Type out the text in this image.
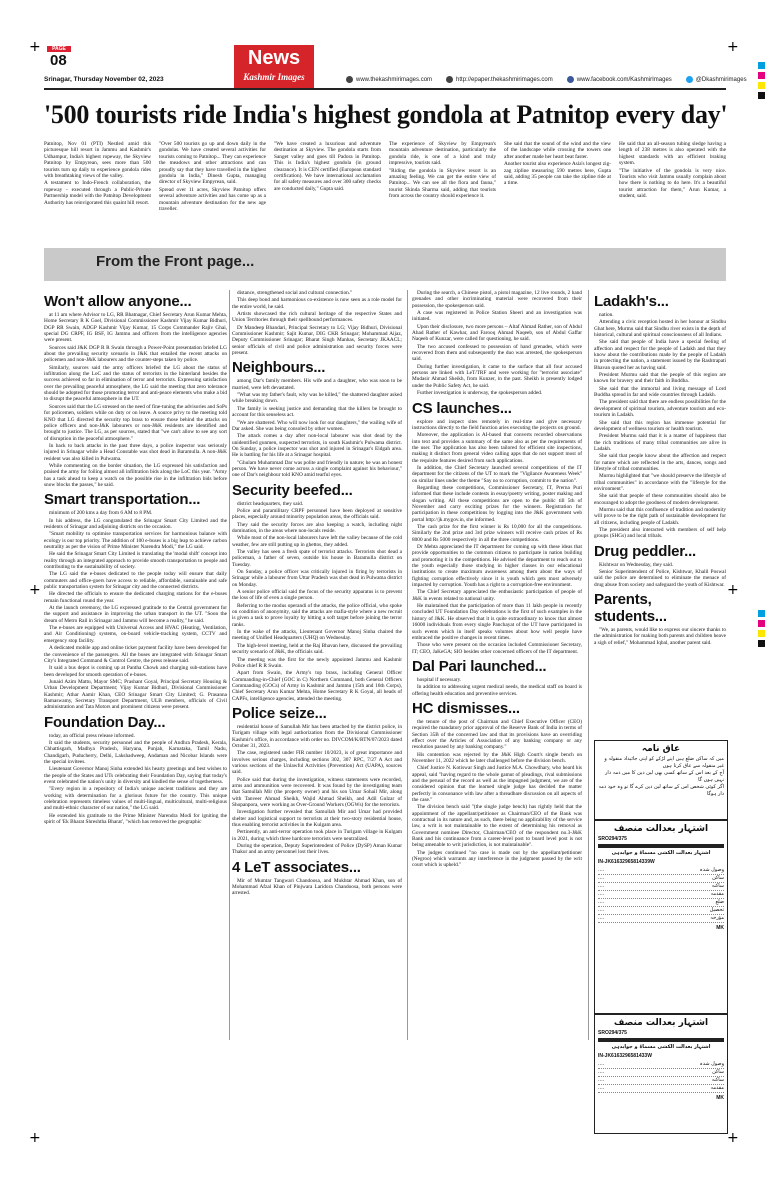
+	+
+	+
+	+
PAGE
08	News
Kashmir Images
Srinagar, Thursday November 02, 2023	www.thekashmirimages.com	http://epaper.thekashmirimages.com	www.facebook.com/KashmirImages	@Dkashmirimages
'500 tourists ride India's highest gondola at Patnitop every day'

Patnitop, Nov 01 (PTI) Nestled amid this picturesque hill resort in Jammu and Kashmir's Udhampur, India's highest ropeway, the Skyview Patnitop by Empyrean, sees more than 500 tourists turn up daily to experience gondola rides with breathtaking views of the valley.

A testament to Indo-French collaboration, the ropeway - executed through a Public-Private Partnership model with the Patnitop Development Authority has reinvigorated this quaint hill resort.

"Over 500 tourists go up and down daily in the gondolas. We have created several activities for tourists coming to Patnitop... They can experience the meadows and other attractions and can proudly say that they have travelled in the highest gondola in India," Dinesh Gupta, managing director of Skyview Empyrean, said.

Spread over 11 acres, Skyview Patnitop offers several adventure activities and has come up as a mountain adventure destination for the new age traveller.

"We have created a luxurious and adventure destination at Skyview. The gondola starts from Sanget valley and goes till Padora in Patnitop. This is India's highest gondola (in ground clearance). It is CEN certified (European standard certification). We have international acclamation for all safety measures and over 300 safety checks are conducted daily," Gupta said.

The experience of Skyview by Empyrean's mountain adventure destination, particularly the gondola ride, is one of a kind and truly impressive, tourists said.

"Riding the gondola in Skyview resort is an amazing feeling. We can get the entire view of Patnitop... We can see all the flora and fauna," tourist Skinda Sharma said, adding that tourists from across the country should experience it.

She said that the sound of the wind and the view of the landscape while crossing the towers one after another made her heart beat faster.

Another tourist also experience Asia's longest zig-zag zipline measuring 590 metres here, Gupta said, adding 35 people can take the zipline ride at a time.

He said that an all-season tubing sledge having a length of 238 metres is also operated with the highest standards with an efficient braking system.

"The initiative of the gondola is very nice. Tourists who visit Jammu usually complain about how there is nothing to do here. It's a beautiful tourist attraction for them," Arun Kumar, a student, said.

From the Front page...
Won't allow anyone...

at 11 am where Advisor to LG, RR Bhatnagar, Chief Secretary Arun Kumar Mehta, Home Secretary R K Goel, Divisional Commissioner Kashmir Vijay Kumar Bidhuri, DGP RR Swain, ADGP Kashmir Vijay Kumar, 15 Corps Commander Rajiv Ghai, special DG CRPF, IG BSF, IG Jammu and officers from the intelligence agencies were present.

Sources said J&K DGP R R Swain through a Power-Point presentation briefed LG about the prevailing security scenario in J&K that entailed the recent attacks on policemen and non-J&K labourers and the counter-steps taken by police.

Similarly, sources said the army officers briefed the LG about the status of infiltration along the LoC and the status of terrorists in the hinterland besides the success achieved so far in elimination of terror and terrorists. Expressing satisfaction over the prevailing peaceful atmosphere, the LG said the meeting that zero tolerance should be adopted for those promoting terror and anti-peace elements who make a bid to disrupt the peaceful atmosphere in the UT.

Sources said that the LG stressed on the need of fine-tuning the advisories and SoPs for policemen, soldiers while on duty or on leave. A source privy to the meeting told KNO that LG directed the security top brass to ensure those behind the attacks on police officers and non-J&K labourers or non-J&K residents are identified and brought to justice. The LG, as per sources, stated that "we can't allow to see any sort of disruption in the peaceful atmosphere."

In back to back attacks in the past three days, a police inspector was seriously injured in Srinagar while a Head Constable was shot dead in Baramulla. A non-J&K resident was also killed in Pulwama.

While commenting on the border situation, the LG expressed his satisfaction and praised the army for foiling almost all infiltration bids along the LoC this year. "Army has a task ahead to keep a watch on the possible rise in the infiltration bids before snow blocks the passes," he said.

Smart transportation...

minimum of 200 kms a day from 6 AM to 8 PM.

In his address, the LG congratulated the Srinagar Smart City Limited and the residents of Srinagar and adjoining districts on the occasion.

"Smart mobility to optimise transportation services for harmonious balance with ecology is our top priority. The addition of 100 e-buses is a big leap to achieve carbon neutrality as per the vision of Prime Minister Narendra Modi," the LG said.

He said the Srinagar Smart City Limited is translating the 'modal shift' concept into reality through an integrated approach to provide smooth transportation to people and contributing to the sustainability of society.

The LG said the e-buses dedicated to the people today will ensure that daily commuters and office-goers have access to reliable, affordable, sustainable and safe public transportation system for Srinagar city and the connected districts.

He directed the officials to ensure the dedicated charging stations for the e-buses remain functional round the year.

At the launch ceremony, the LG expressed gratitude to the Central government for the support and assistance in improving the urban transport in the UT. "Soon the dream of Metro Rail in Srinagar and Jammu will become a reality," he said.

The e-buses are equipped with Universal Access and HVAC (Heating, Ventilation, and Air Conditioning) systems, on-board vehicle-tracking system, CCTV and emergency stop facility.

A dedicated mobile app and online ticket payment facility have been developed for the convenience of the passengers. All the buses are integrated with Srinagar Smart City's Integrated Command & Control Centre, the press release said.

It said a bus depot is coming up at Pantha Chowk and charging sub-stations have been developed for smooth operation of e-buses.

Junaid Azim Mattu, Mayor SMC; Prashant Goyal, Principal Secretary Housing & Urban Development Department; Vijay Kumar Bidhuri, Divisional Commissioner Kashmir; Athar Aamir Khan, CEO Srinagar Smart City Limited; G. Prasanna Ramaswamy, Secretary Transport Department, ULB members, officials of Civil administration and Tata Motors and prominent citizens were present.

Foundation Day...

today, an official press release informed.

It said the students, security personnel and the people of Andhra Pradesh, Kerala, Chhattisgarh, Madhya Pradesh, Haryana, Punjab, Karnataka, Tamil Nadu, Chandigarh, Puducherry, Delhi, Lakshadweep, Andaman and Nicobar Islands were the special invitees.

Lieutenant Governor Manoj Sinha extended his hearty greetings and best wishes to the people of the States and UTs celebrating their Foundation Day, saying that today's event celebrated the nation's unity in diversity and kindled the sense of togetherness.

"Every region in a repository of India's unique ancient traditions and they are working with determination for a glorious future for the country. This unique celebration represents timeless values of multi-lingual, multicultural, multi-religious and multi-ethnic character of our nation," the LG said.

He extended his gratitude to the Prime Minister Narendra Modi for igniting the spirit of 'Ek Bharat Shreshtha Bharat', "which has removed the geographic

distance, strengthened social and cultural connection."

This deep bond and harmonious co-existence is now seen as a role model for the entire world, he said.

Artists showcased the rich cultural heritage of the respective States and Union Territories through their spellbound performances.

Dr Mandeep Bhandari, Principal Secretary to LG; Vijay Bidhuri, Divisional Commissioner Kashmir; Sajit Kumar, DIG CKR Srinagar; Mohammad Aijaz, Deputy Commissioner Srinagar; Bharat Singh Manhas, Secretary JKAACL; senior officials of civil and police administration and security forces were present.

Neighbours...

among Dar's family members. His wife and a daughter, who was soon to be married, were left devastated.

"What was my father's fault, why was he killed," the shattered daughter asked while breaking down.

The family is seeking justice and demanding that the killers be brought to account for this senseless act.

"We are shattered. Who will now look for our daughters," the wailing wife of Dar asked. She was being consoled by other women.

The attack comes a day after non-local labourer was shot dead by the unidentified gunmen, suspected terrorists, in south Kashmir's Pulwama district. On Sunday, a police inspector was shot and injured in Srinagar's Eidgah area. He is battling for his life at a Srinagar hospital.

"Ghulam Muhammad Dar was polite and friendly in nature; he was an honest person. We have never come across a single complaint against his behaviour," one of Dar's neighbour told KNO amid tearful eyes.

Security beefed...

district headquarters, they said.

Police and paramilitary CRPF personnel have been deployed at sensitive places, especially around minority population areas, the officials said.

They said the security forces are also keeping a watch, including night domination, in the areas where non-locals reside.

While most of the non-local labourers have left the valley because of the cold weather, few are still putting up in ghettos, they added.

The valley has seen a fresh spate of terrorist attacks. Terrorists shot dead a policeman, a father of seven, outside his house in Baramulla district on Tuesday.

On Sunday, a police officer was critically injured in firing by terrorists in Srinagar while a labourer from Uttar Pradesh was shot dead in Pulwama district on Monday.

A senior police official said the focus of the security apparatus is to prevent the loss of life of even a single person.

Referring to the modus operandi of the attacks, the police official, who spoke on condition of anonymity, said the attacks are mafia-style where a new recruit is given a task to prove loyalty by hitting a soft target before joining the terror ranks.

In the wake of the attacks, Lieutenant Governor Manoj Sinha chaired the meeting of Unified Headquarters (UHQ) on Wednesday.

The high-level meeting, held at the Raj Bhavan here, discussed the prevailing security scenario of J&K, the officials said.

The meeting was the first for the newly appointed Jammu and Kashmir Police chief R R Swain.

Apart from Swain, the Army's top brass, including General Officer Commanding-in-Chief (GOC in C) Northern Command, both General Officers Commanding (GOCs) of Army in Kashmir and Jammu (15th and 16th Corps), Chief Secretary Arun Kumar Mehta, Home Secretary R K Goyal, all heads of CAPFs, intelligence agencies, attended the meeting.

Police seize...

residential house of Samullah Mir has been attached by the district police, in Turigam village with legal authorization from the Divisional Commissioner Kashmir's office, in accordance with order no. DIVCOM/K/RTN/07/2023 dated October 31, 2023.

The case, registered under FIR number 10/2023, is of great importance and involves serious charges, including sections 302, 307 RPC, 7/27 A Act and various sections of the Unlawful Activities (Prevention) Act (UAPA), sources said.

Police said that during the investigation, witness statements were recorded, arms and ammunition were recovered. It was found by the investigating team that Samullah Mir (the property owner) and his son Umar Sohail Mir, along with Tanveer Ahmad Sheikh, Wajid Ahmad Sheikh, and Adil Gulzar of Shopanpora, were working as Over-Ground Workers (OGWs) for the terrorists.

Investigation further revealed that Samullah Mir and Umar had provided shelter and logistical support to terrorists at their two-story residential house, thus enabling terrorist activities in the Kulgam area.

Pertinently, an anti-terror operation took place in Turigam village in Kulgam in 2021, during which three hardcore terrorists were neutralized.

During the operation, Deputy Superintendent of Police (DySP) Aman Kumar Thakur and an army personnel lost their lives.

4 LeT associates...

Mir of Mumtar Tangwari Chandoosa, and Mukhtar Ahmad Khan, son of Mohammad Afzal Khan of Pinjwara Laridora Chandoosa, both persons were arrested.

During the search, a Chinese pistol, a pistol magazine, 12 live rounds, 2 hand grenades and other incriminating material were recovered from their possession, the spokesperson said.

A case was registered in Police Station Sheeri and an investigation was initiated.

Upon their disclosure, two more persons – Altaf Ahmad Rather, son of Abdul Ahad Rather of Kawhar, and Farooq Ahmad Naqeeb, son of Abdul Gaffar Naqeeb of Kunzar, were called for questioning, he said.

The two accused confessed to possession of hand grenades, which were recovered from them and subsequently the duo was arrested, the spokesperson said.

During further investigation, it came to the surface that all four accused persons are linked with LeT/TRF and were working for "terrorist associate" Mudasir Ahmad Sheikh, from Kunzer, in the past. Sheikh is presently lodged under the Public Safety Act, he said.

Further investigation is underway, the spokesperson added.

CS launches...

explore and inspect sites remotely in real-time and give necessary instructions directly to the field function aries executing the projects on ground.

Moreover, the application is AI-based that converts recorded observations into text and provides a summary of the same also as per the requirements of the user. The application has also been tailored for efficient site inspections, making it distinct from general video calling apps that do not support most of the requisite features desired from such applications.

In addition, the Chief Secretary launched several competitions of the IT department for the citizens of the UT to mark the "Vigilance Awareness Week" on similar lines under the theme "Say no to corruption, commit to the nation".

Regarding these competitions, Commissioner Secretary, IT, Prerna Puri informed that these include contests in essay/poetry writing, poster making and slogan writing. All these competitions are open to the public till 5th of November and carry exciting prizes for the winners. Registration for participation in these competitions by logging into the J&K government web portal http://jk.mygov.in, she informed.

The cash prize for the first winner is Rs 10,000 for all the competitions. Similarly the 2nd prize and 3rd prize winners will receive cash prizes of Rs 8000 and Rs 5000 respectively in all the three competitions.

Dr Mehta appreciated the IT department for coming up with these ideas that provide opportunities to the common citizens to participate in nation building and promoting it in the competitions. He advised the department to reach out to the youth especially those studying in higher classes in our educational institutions to create maximum awareness among them about the ways of fighting corruption effectively since it is youth which gets most adversely impacted by corruption. Youth has a right to a corruption-free environment.

The Chief Secretary appreciated the enthusiastic participation of people of J&K in events related to national unity.

He maintained that the participation of more than 11 lakh people in recently concluded UT Foundation Day celebrations is the first of such examples in the history of J&K. He observed that it is quite extraordinary to know that almost 16000 individuals from every single Panchayat of the UT have participated in such events which in itself speaks volumes about how well people have embraced the positive changes in recent times.

Those who were present on the occasion included Commissioner Secretary, IT; CEO, JaKeGA; SIO besides other concerned officers of the IT department.

Dal Pari launched...

hospital if necessary.

In addition to addressing urgent medical needs, the medical staff on board is offering health education and preventive services.

HC dismisses...

the tenure of the post of Chairman and Chief Executive Officer (CEO) required the mandatory prior approval of the Reserve Bank of India in terms of Section 35B of the concerned law and that its provisions have an overriding effect over the Articles of Association of any banking company or any resolution passed by any banking company."

His contention was rejected by the J&K High Court's single bench on November 11, 2022 which he later challenged before the division bench.

Chief Justice N. Kotiswar Singh and Justice M.A. Chowdhary, who heard his appeal, said "having regard to the whole gamut of pleadings, rival submissions and the perusal of the record as well as the impugned judgment, we are of the considered opinion that the learned single judge has decided the matter perfectly in consonance with law after a threadbare discussion on all aspects of the case."

The division bench said "(the single judge bench) has rightly held that the appointment of the appellant/petitioner as Chairman/CEO of the Bank was contractual in its nature and, as such, there being no applicability of the service law, a writ is not maintainable to the extent of determining his removal as Government nominee Director, Chairman/CEO of the respondent no.3-J&K Bank and his continuance from a career-level post to board level post is not being amenable to writ jurisdiction, is not maintainable".

The judges continued "no case is made out by the appellant/petitioner (Negroo) which warrants any interference in the judgment passed by the writ court which is upheld."

Ladakh's...

nation.

Attending a civic reception hosted in her honour at Sindhu Ghat here, Murmu said that Sindhu river exists in the depth of historical, cultural and spiritual consciousness of all Indians.

She said that people of India have a special feeling of affection and respect for the people of Ladakh and that they know about the contributions made by the people of Ladakh in protecting the nation, a statement issued by the Rashtrapati Bhavan quoted her as having said.

President Murmu said that the people of this region are known for bravery and their faith in Buddha.

She said that the immortal and living message of Lord Buddha spread in far and wide countries through Ladakh.

The president said that there are endless possibilities for the development of spiritual tourism, adventure tourism and eco-tourism in Ladakh.

She said that this region has immense potential for development of wellness tourism or health tourism.

President Murmu said that it is a matter of happiness that the rich traditions of many tribal communities are alive in Ladakh.

She said that people know about the affection and respect for nature which are reflected in the arts, dances, songs and lifestyle of tribal communities.

Murmu highlighted that "we should preserve the lifestyle of tribal communities" in accordance with the "lifestyle for the environment".

She said that people of these communities should also be encouraged to adopt the goodness of modern development.

Murmu said that this confluence of tradition and modernity will prove to be the right path of sustainable development for all citizens, including people of Ladakh.

The president also interacted with members of self help groups (SHGs) and local tribals.

Drug peddler...

Kishtwar on Wednesday, they said.

Senior Superintendent of Police, Kishtwar, Khalil Poswal said the police are determined to eliminate the menace of drug abuse from society and safeguard the youth of Kishtwar.

Parents, students...

"We, as parents, would like to express our sincere thanks to the administration for making both parents and children heave a sigh of relief," Mohammad Iqbal, another parent said.

عاق نامہ
میں کہ ساکن ضلع ہیں اپنے لڑکے کو اپنی جائیداد منقولہ و غیر منقولہ سے عاق کرتا ہوں
آج کے بعد اس کے ساتھ کسی بھی لین دین کا میں ذمہ دار نہیں ہوں گا
اگر کوئی شخص اس کے ساتھ لین دین کرے گا تو وہ خود ذمہ دار ہوگا
اشتہار بعدالت منصف
SRO294/375
اشتہار بعدالت الکشی مسماۃ و جوابدہی
IN-JK61632965814339W
وصول شدہ
....
ساکن
....
ساکنہ
....
مقدمہ
....
ضلع
....
تحصیل
....
مؤرخہ
....
MK
اشتہار بعدالت منصف
SRO294/375
اشتہار بعدالت الکشی مسماۃ و جوابدہی
IN-JK6163296581433W
وصول شدہ
....
ساکن
....
ساکنہ
....
مقدمہ
....
MK
